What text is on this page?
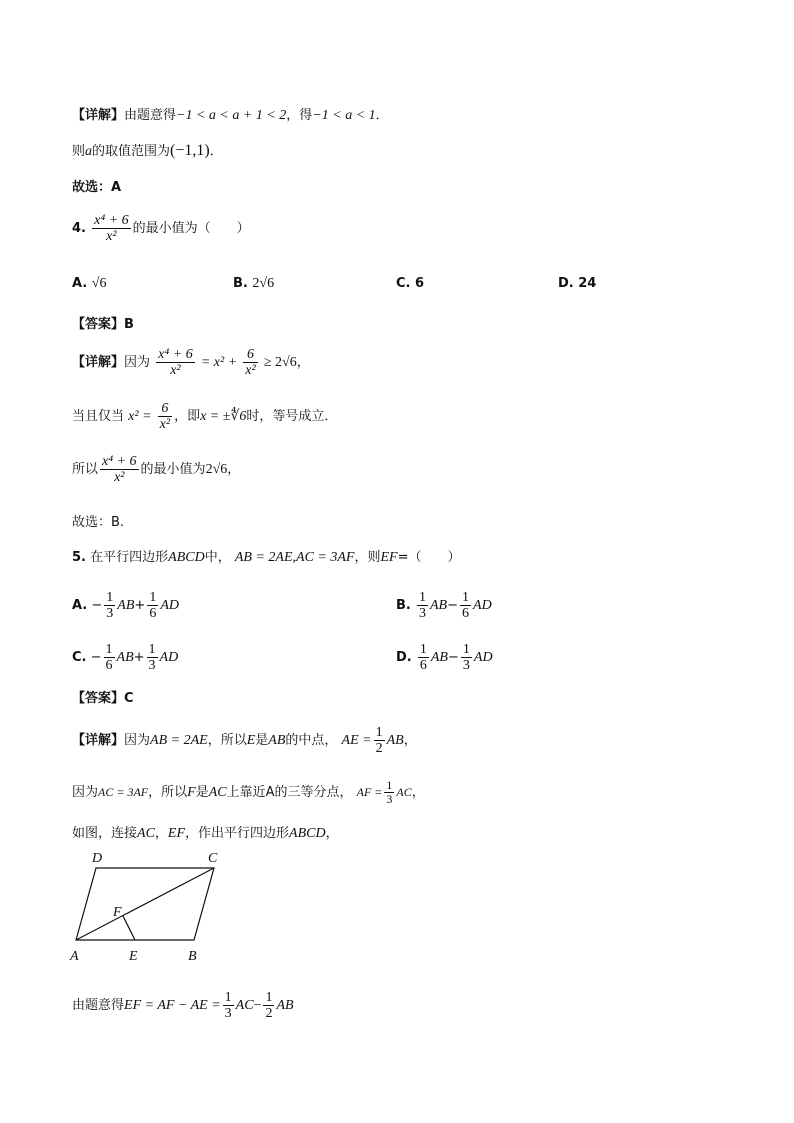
【详解】由题意得−1 < a < a + 1 < 2，得−1 < a < 1．
则a的取值范围为(−1,1)．
故选：A
4. $\frac{\text{x⁴ + 6}}{\text{x²}}$ 的最小值为（　　）
A. √6	B. 2√6	C. 6	D. 24
【答案】B
【详解】因为 $\frac{\text{x⁴ + 6}}{\text{x²}} = x^2 + \frac{6}{\text{x²}} \ge 2√6$，
当且仅当 $x^2 = \frac{6}{\text{x²}}$ ，即x = ±∜6时，等号成立．
所以 $\frac{\text{x⁴ + 6}}{\text{x²}}$ 的最小值为2√6，
故选：B.
5. 在平行四边形ABCD中， AB = 2AE,AC = 3AF，则EF=（　　）
A. − $\frac{1}{3} AB+ \frac{1}{6}$ AD	B. $\frac{1}{3} AB- \frac{1}{6}$ AD
C. − $\frac{1}{6} AB+ \frac{1}{3}$ AD	D. $\frac{1}{6} AB- \frac{1}{3}$ AD
【答案】C
【详解】因为AB = 2AE，所以E是AB的中点， AE = $\frac{1}{2}$ AB，
因为AC = 3AF，所以F是AC上靠近A的三等分点， AF = $\frac{1}{3}$ AC，
如图，连接AC，EF，作出平行四边形ABCD，
A	E	B
D	C
F
由题意得EF = AF − AE = $\frac{1}{3} AC- \frac{1}{2}$ AB
